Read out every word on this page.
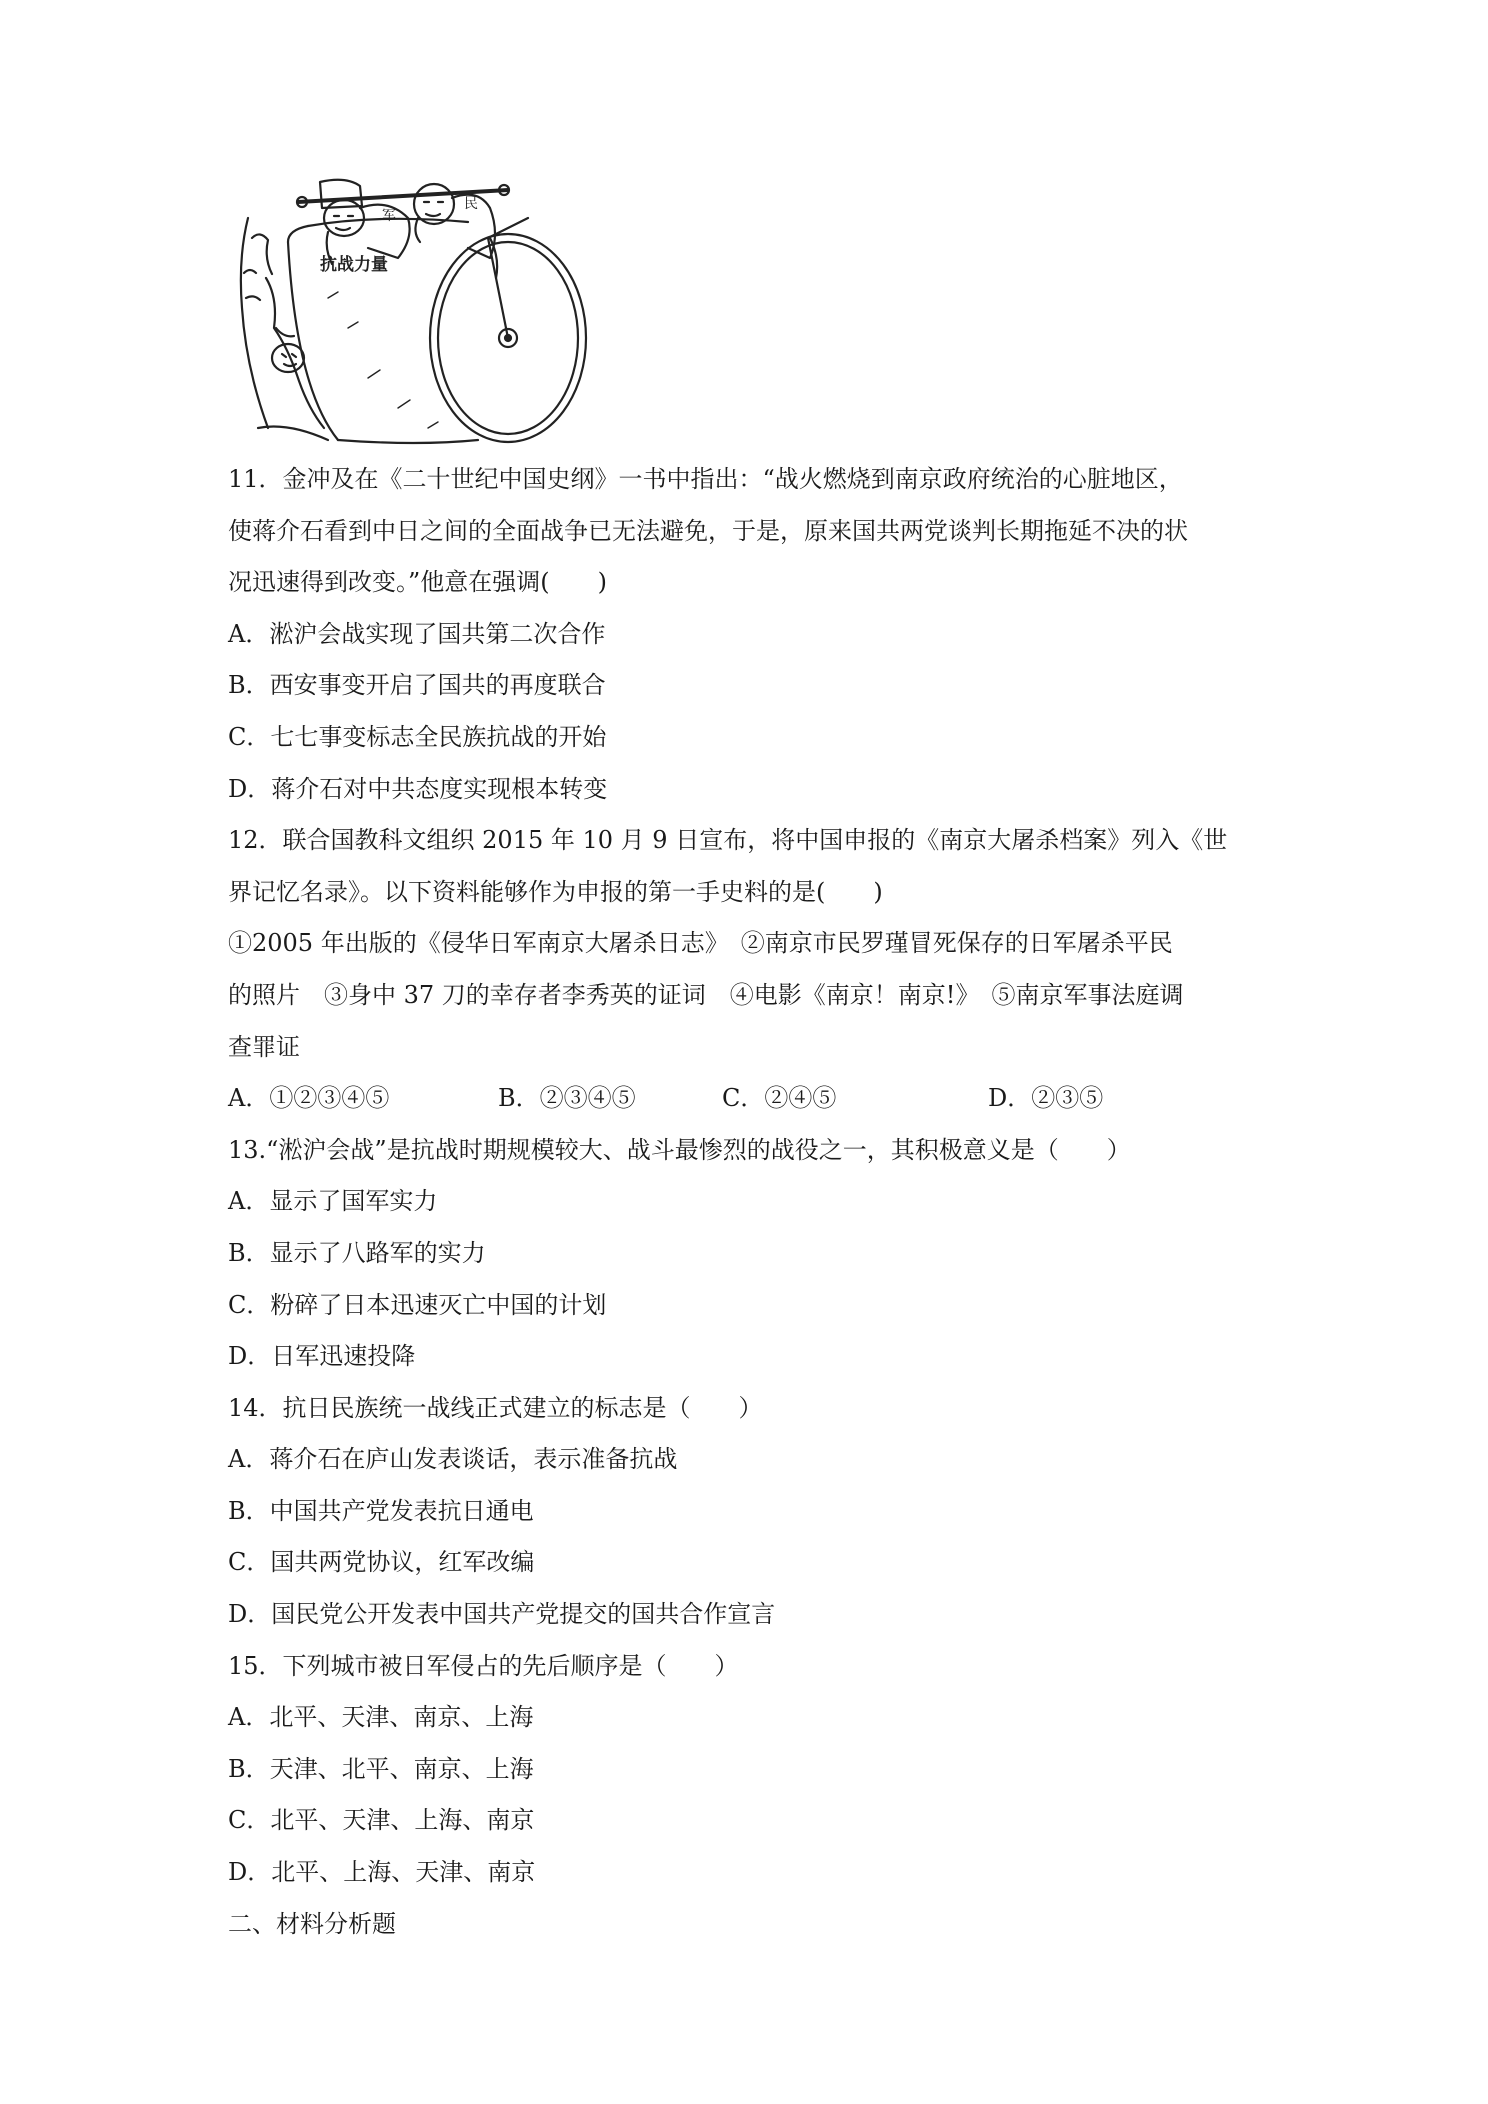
军
民
抗战力量
11．金冲及在《二十世纪中国史纲》一书中指出：“战火燃烧到南京政府统治的心脏地区，
使蒋介石看到中日之间的全面战争已无法避免，于是，原来国共两党谈判长期拖延不决的状
况迅速得到改变。”他意在强调(　　)
A．淞沪会战实现了国共第二次合作
B．西安事变开启了国共的再度联合
C．七七事变标志全民族抗战的开始
D．蒋介石对中共态度实现根本转变
12．联合国教科文组织 2015 年 10 月 9 日宣布，将中国申报的《南京大屠杀档案》列入《世
界记忆名录》。以下资料能够作为申报的第一手史料的是(　　)
①2005 年出版的《侵华日军南京大屠杀日志》　②南京市民罗瑾冒死保存的日军屠杀平民
的照片　③身中 37 刀的幸存者李秀英的证词　④电影《南京！南京!》　⑤南京军事法庭调
查罪证
A．①②③④⑤	B．②③④⑤	C．②④⑤	D．②③⑤
13.“淞沪会战”是抗战时期规模较大、战斗最惨烈的战役之一，其积极意义是（　　）
A．显示了国军实力
B．显示了八路军的实力
C．粉碎了日本迅速灭亡中国的计划
D．日军迅速投降
14．抗日民族统一战线正式建立的标志是（　　）
A．蒋介石在庐山发表谈话，表示准备抗战
B．中国共产党发表抗日通电
C．国共两党协议，红军改编
D．国民党公开发表中国共产党提交的国共合作宣言
15．下列城市被日军侵占的先后顺序是（　　）
A．北平、天津、南京、上海
B．天津、北平、南京、上海
C．北平、天津、上海、南京
D．北平、上海、天津、南京
二、材料分析题
